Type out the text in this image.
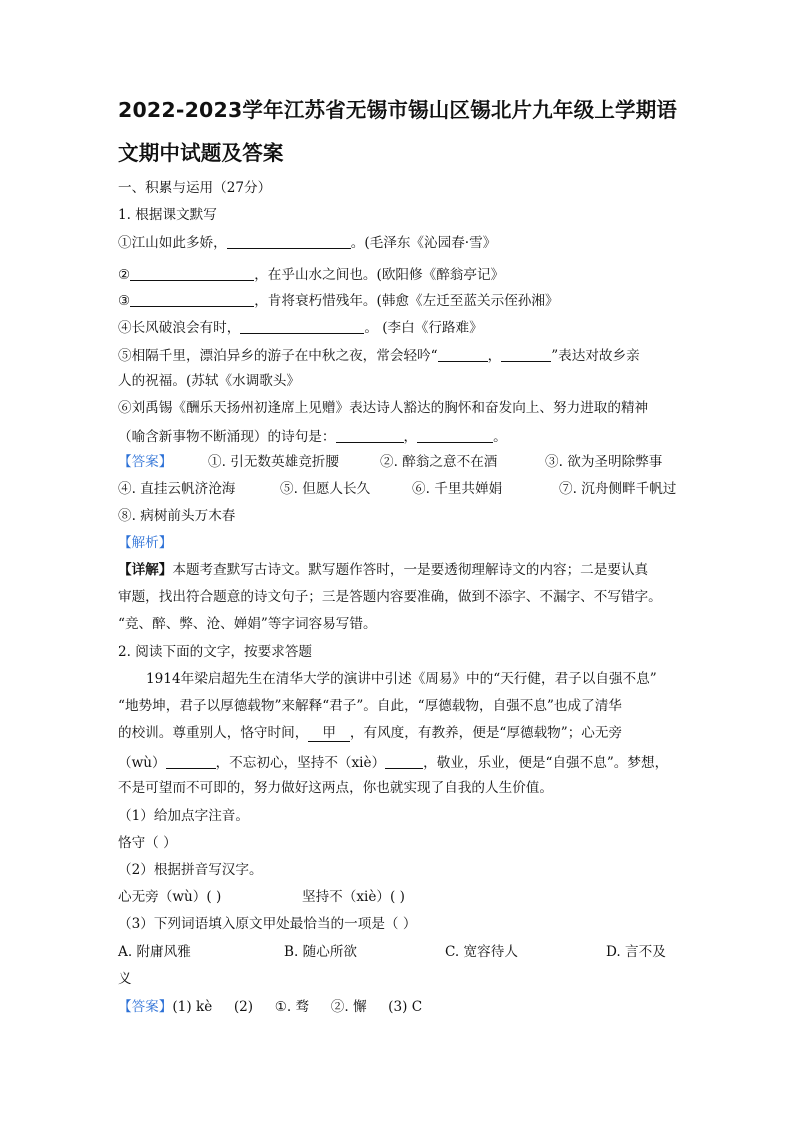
2022-2023学年江苏省无锡市锡山区锡北片九年级上学期语
文期中试题及答案
一、积累与运用（27分）
1. 根据课文默写
①江山如此多娇，	。(毛泽东《沁园春·雪》
②	，在乎山水之间也。(欧阳修《醉翁亭记》
③	，肯将衰朽惜残年。(韩愈《左迁至蓝关示侄孙湘》
④长风破浪会有时，	。 (李白《行路难》
⑤相隔千里，漂泊异乡的游子在中秋之夜，常会轻吟“	，	”表达对故乡亲
人的祝福。(苏轼《水调歌头》
⑥刘禹锡《酬乐天扬州初逢席上见赠》表达诗人豁达的胸怀和奋发向上、努力进取的精神
（喻含新事物不断涌现）的诗句是：	，	。
【答案】	①. 引无数英雄竞折腰	②. 醉翁之意不在酒	③. 欲为圣明除弊事
④. 直挂云帆济沧海	⑤. 但愿人长久	⑥. 千里共婵娟	⑦. 沉舟侧畔千帆过
⑧. 病树前头万木春
【解析】
【详解】本题考查默写古诗文。默写题作答时，一是要透彻理解诗文的内容；二是要认真
审题，找出符合题意的诗文句子；三是答题内容要准确，做到不添字、不漏字、不写错字。
“竞、醉、弊、沧、婵娟”等字词容易写错。
2. 阅读下面的文字，按要求答题
1914年梁启超先生在清华大学的演讲中引述《周易》中的“天行健，君子以自强不息”
“地势坤，君子以厚德载物”来解释“君子”。自此，“厚德载物，自强不息”也成了清华
的校训。尊重别人，恪守时间， 甲 ，有风度，有教养，便是“厚德载物”；心无旁
（wù）	，不忘初心，坚持不（xiè）	，敬业，乐业，便是“自强不息”。梦想，
不是可望而不可即的，努力做好这两点，你也就实现了自我的人生价值。
（1）给加点字注音。
恪守（ ）
（2）根据拼音写汉字。
心无旁（wù）( )	坚持不（xiè）( )
（3）下列词语填入原文甲处最恰当的一项是（ ）
A. 附庸风雅	B. 随心所欲	C. 宽容待人	D. 言不及
义
【答案】(1) kè     (2)     ①. 骛     ②. 懈     (3) C
